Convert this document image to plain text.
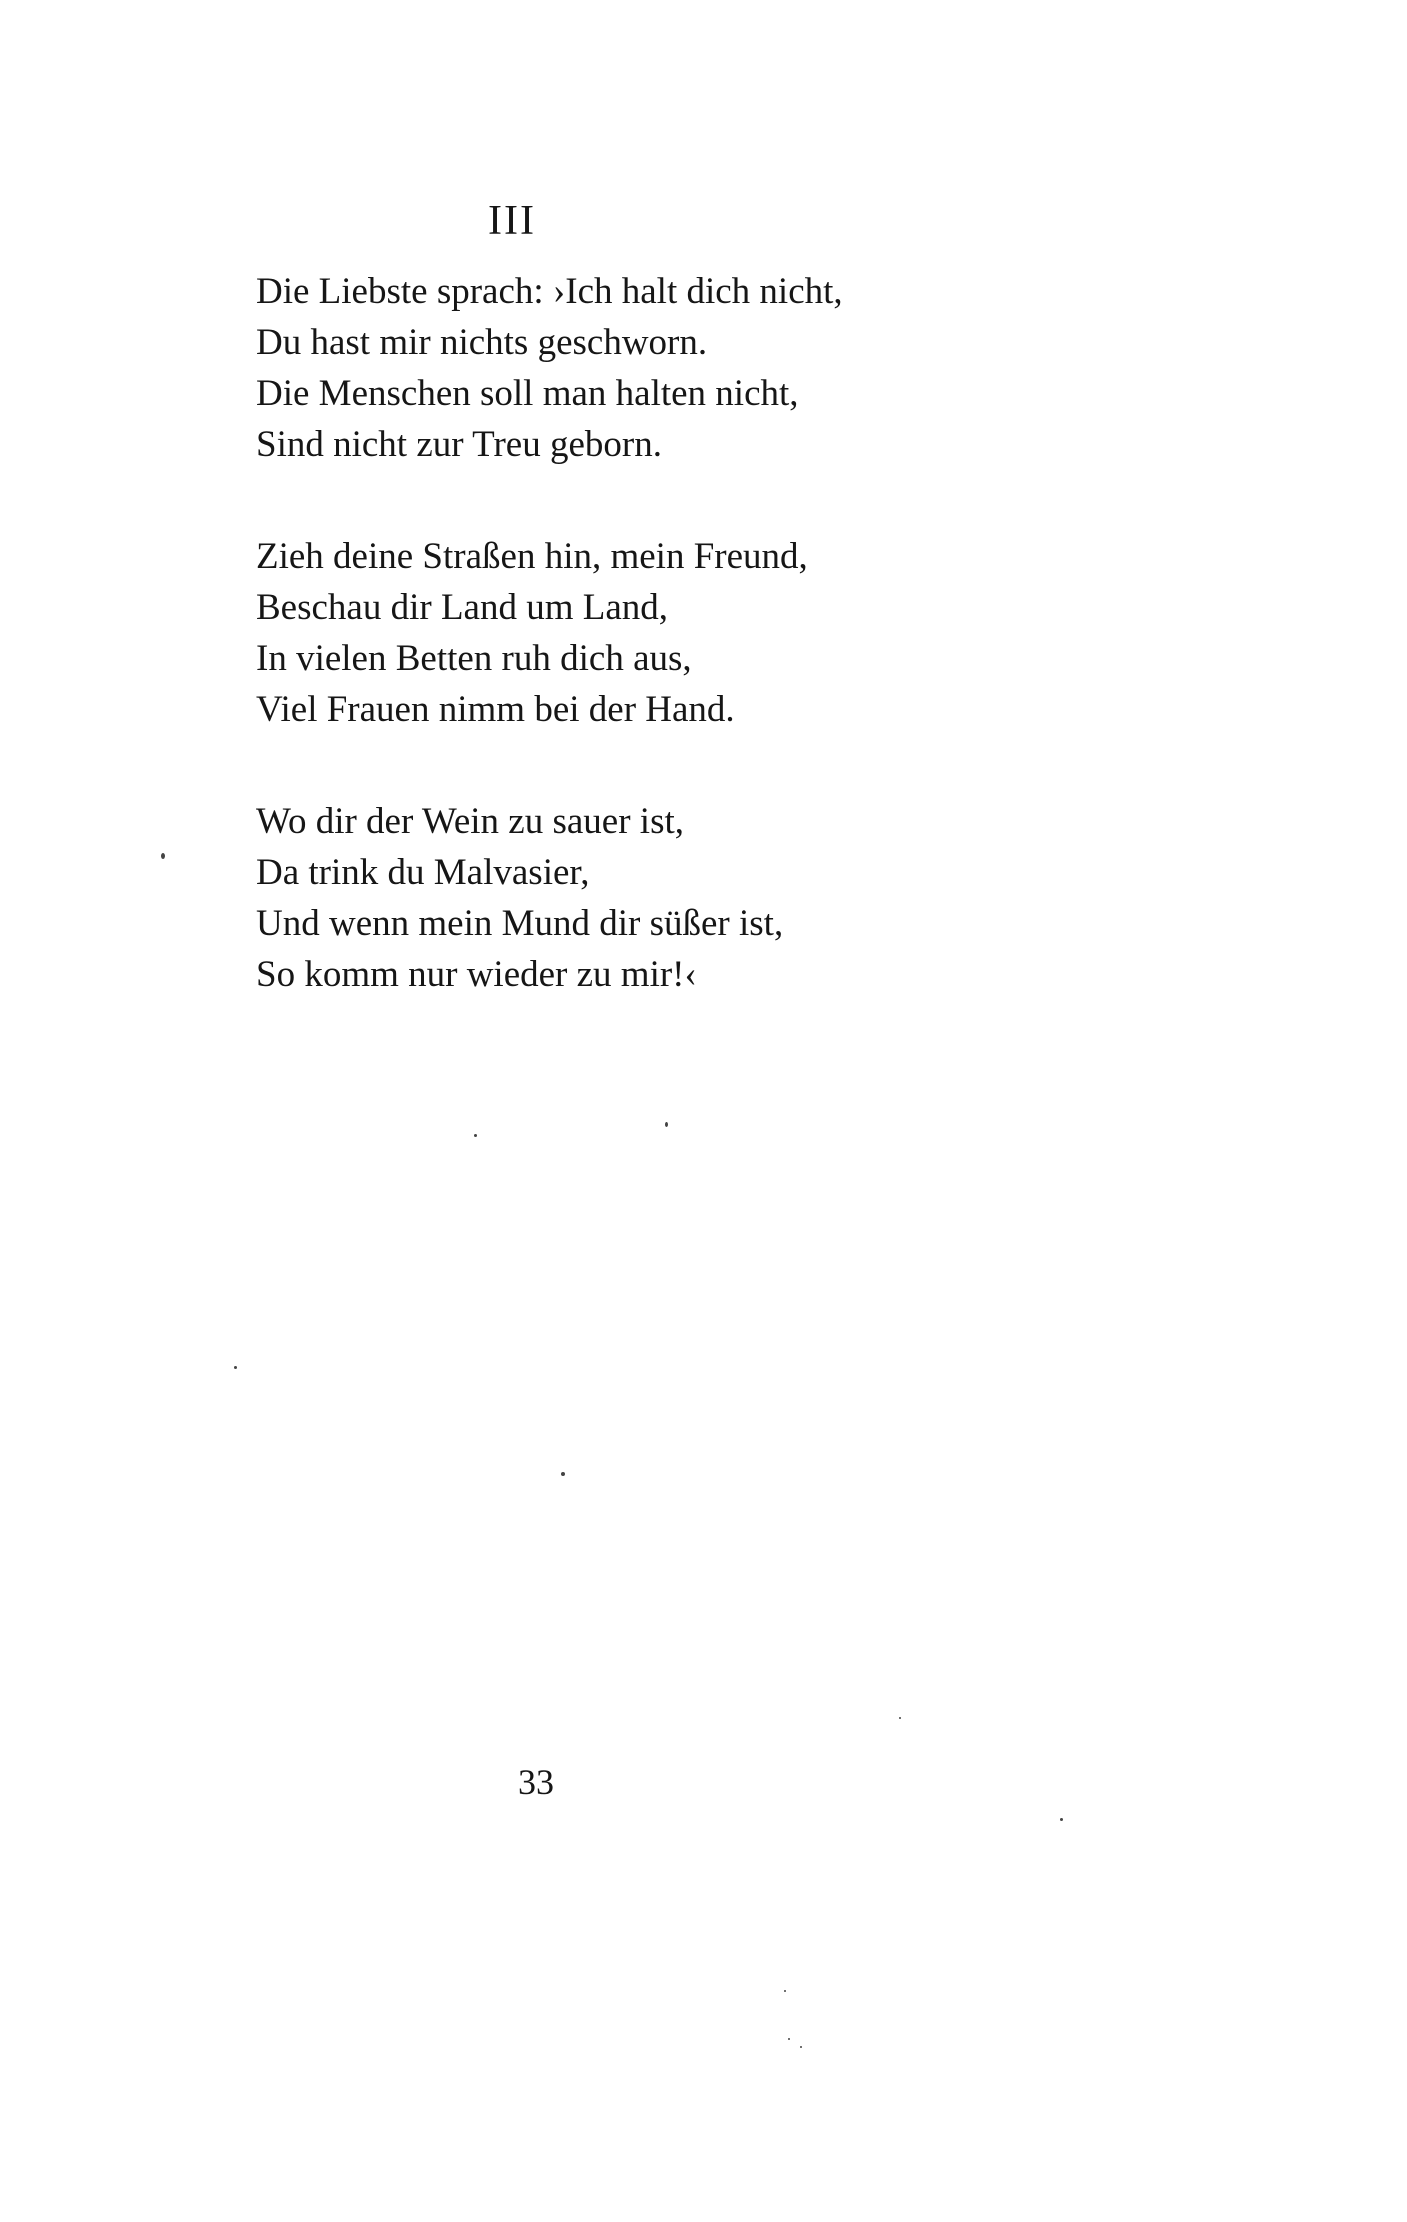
III
Die Liebste sprach: ›Ich halt dich nicht,
Du hast mir nichts geschworn.
Die Menschen soll man halten nicht,
Sind nicht zur Treu geborn.
Zieh deine Straßen hin, mein Freund,
Beschau dir Land um Land,
In vielen Betten ruh dich aus,
Viel Frauen nimm bei der Hand.
Wo dir der Wein zu sauer ist,
Da trink du Malvasier,
Und wenn mein Mund dir süßer ist,
So komm nur wieder zu mir!‹
33
